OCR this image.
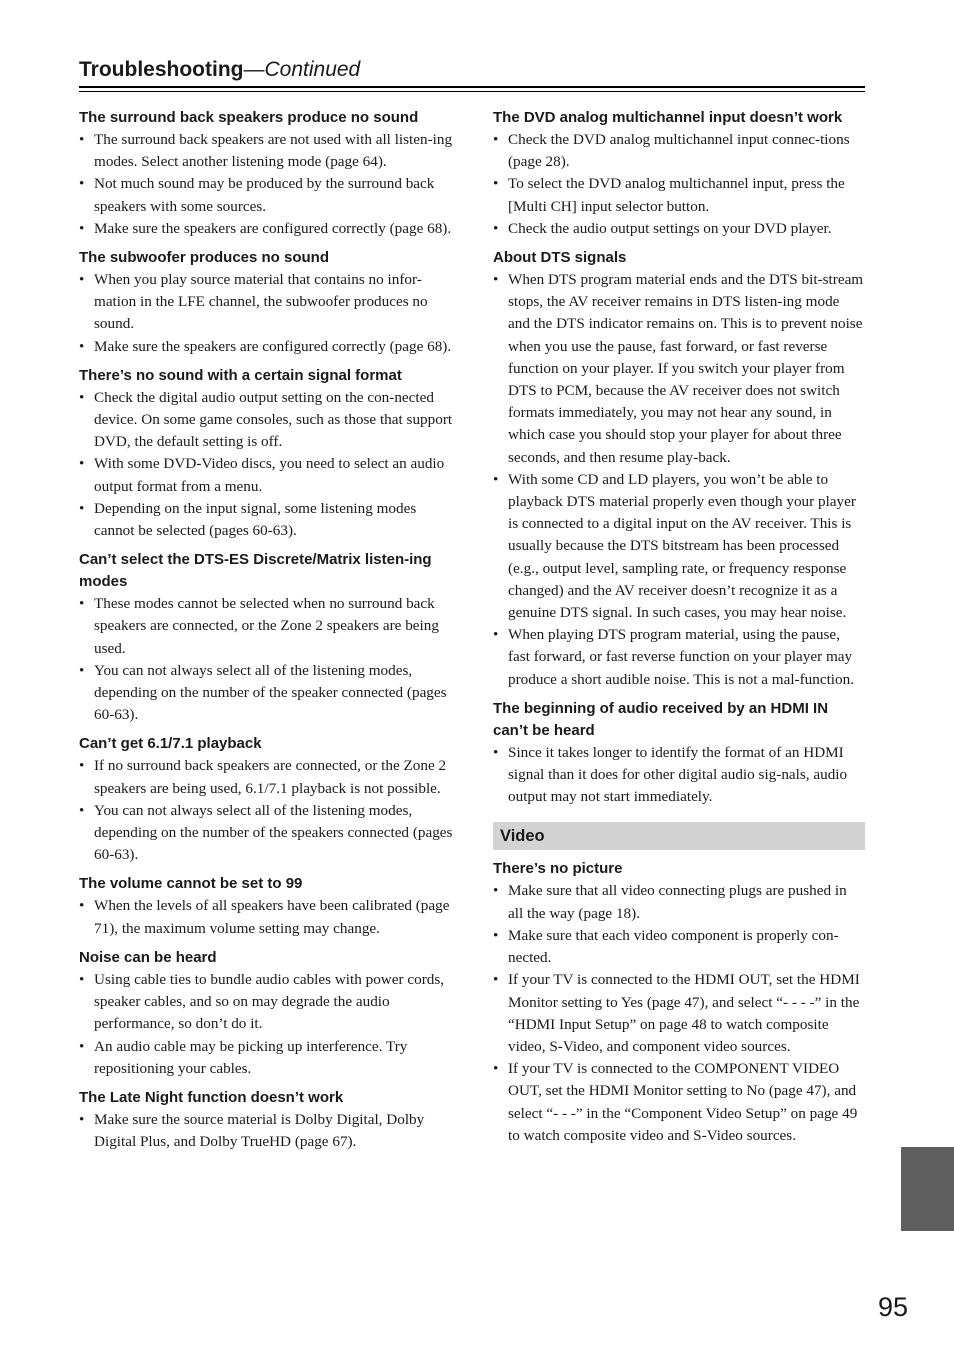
Troubleshooting—Continued
The surround back speakers produce no sound
• The surround back speakers are not used with all listen-ing modes. Select another listening mode (page 64).
• Not much sound may be produced by the surround back speakers with some sources.
• Make sure the speakers are configured correctly (page 68).
The subwoofer produces no sound
• When you play source material that contains no infor-mation in the LFE channel, the subwoofer produces no sound.
• Make sure the speakers are configured correctly (page 68).
There’s no sound with a certain signal format
• Check the digital audio output setting on the con-nected device. On some game consoles, such as those that support DVD, the default setting is off.
• With some DVD-Video discs, you need to select an audio output format from a menu.
• Depending on the input signal, some listening modes cannot be selected (pages 60-63).
Can’t select the DTS-ES Discrete/Matrix listen-ing modes
• These modes cannot be selected when no surround back speakers are connected, or the Zone 2 speakers are being used.
• You can not always select all of the listening modes, depending on the number of the speaker connected (pages 60-63).
Can’t get 6.1/7.1 playback
• If no surround back speakers are connected, or the Zone 2 speakers are being used, 6.1/7.1 playback is not possible.
• You can not always select all of the listening modes, depending on the number of the speakers connected (pages 60-63).
The volume cannot be set to 99
• When the levels of all speakers have been calibrated (page 71), the maximum volume setting may change.
Noise can be heard
• Using cable ties to bundle audio cables with power cords, speaker cables, and so on may degrade the audio performance, so don’t do it.
• An audio cable may be picking up interference. Try repositioning your cables.
The Late Night function doesn’t work
• Make sure the source material is Dolby Digital, Dolby Digital Plus, and Dolby TrueHD (page 67).
The DVD analog multichannel input doesn’t work
• Check the DVD analog multichannel input connec-tions (page 28).
• To select the DVD analog multichannel input, press the [Multi CH] input selector button.
• Check the audio output settings on your DVD player.
About DTS signals
• When DTS program material ends and the DTS bit-stream stops, the AV receiver remains in DTS listen-ing mode and the DTS indicator remains on. This is to prevent noise when you use the pause, fast forward, or fast reverse function on your player. If you switch your player from DTS to PCM, because the AV receiver does not switch formats immediately, you may not hear any sound, in which case you should stop your player for about three seconds, and then resume play-back.
• With some CD and LD players, you won’t be able to playback DTS material properly even though your player is connected to a digital input on the AV receiver. This is usually because the DTS bitstream has been processed (e.g., output level, sampling rate, or frequency response changed) and the AV receiver doesn’t recognize it as a genuine DTS signal. In such cases, you may hear noise.
• When playing DTS program material, using the pause, fast forward, or fast reverse function on your player may produce a short audible noise. This is not a mal-function.
The beginning of audio received by an HDMI IN can’t be heard
• Since it takes longer to identify the format of an HDMI signal than it does for other digital audio sig-nals, audio output may not start immediately.
Video
There’s no picture
• Make sure that all video connecting plugs are pushed in all the way (page 18).
• Make sure that each video component is properly con-nected.
• If your TV is connected to the HDMI OUT, set the HDMI Monitor setting to Yes (page 47), and select “- - - -” in the “HDMI Input Setup” on page 48 to watch composite video, S-Video, and component video sources.
• If your TV is connected to the COMPONENT VIDEO OUT, set the HDMI Monitor setting to No (page 47), and select “- - -” in the “Component Video Setup” on page 49 to watch composite video and S-Video sources.
95
